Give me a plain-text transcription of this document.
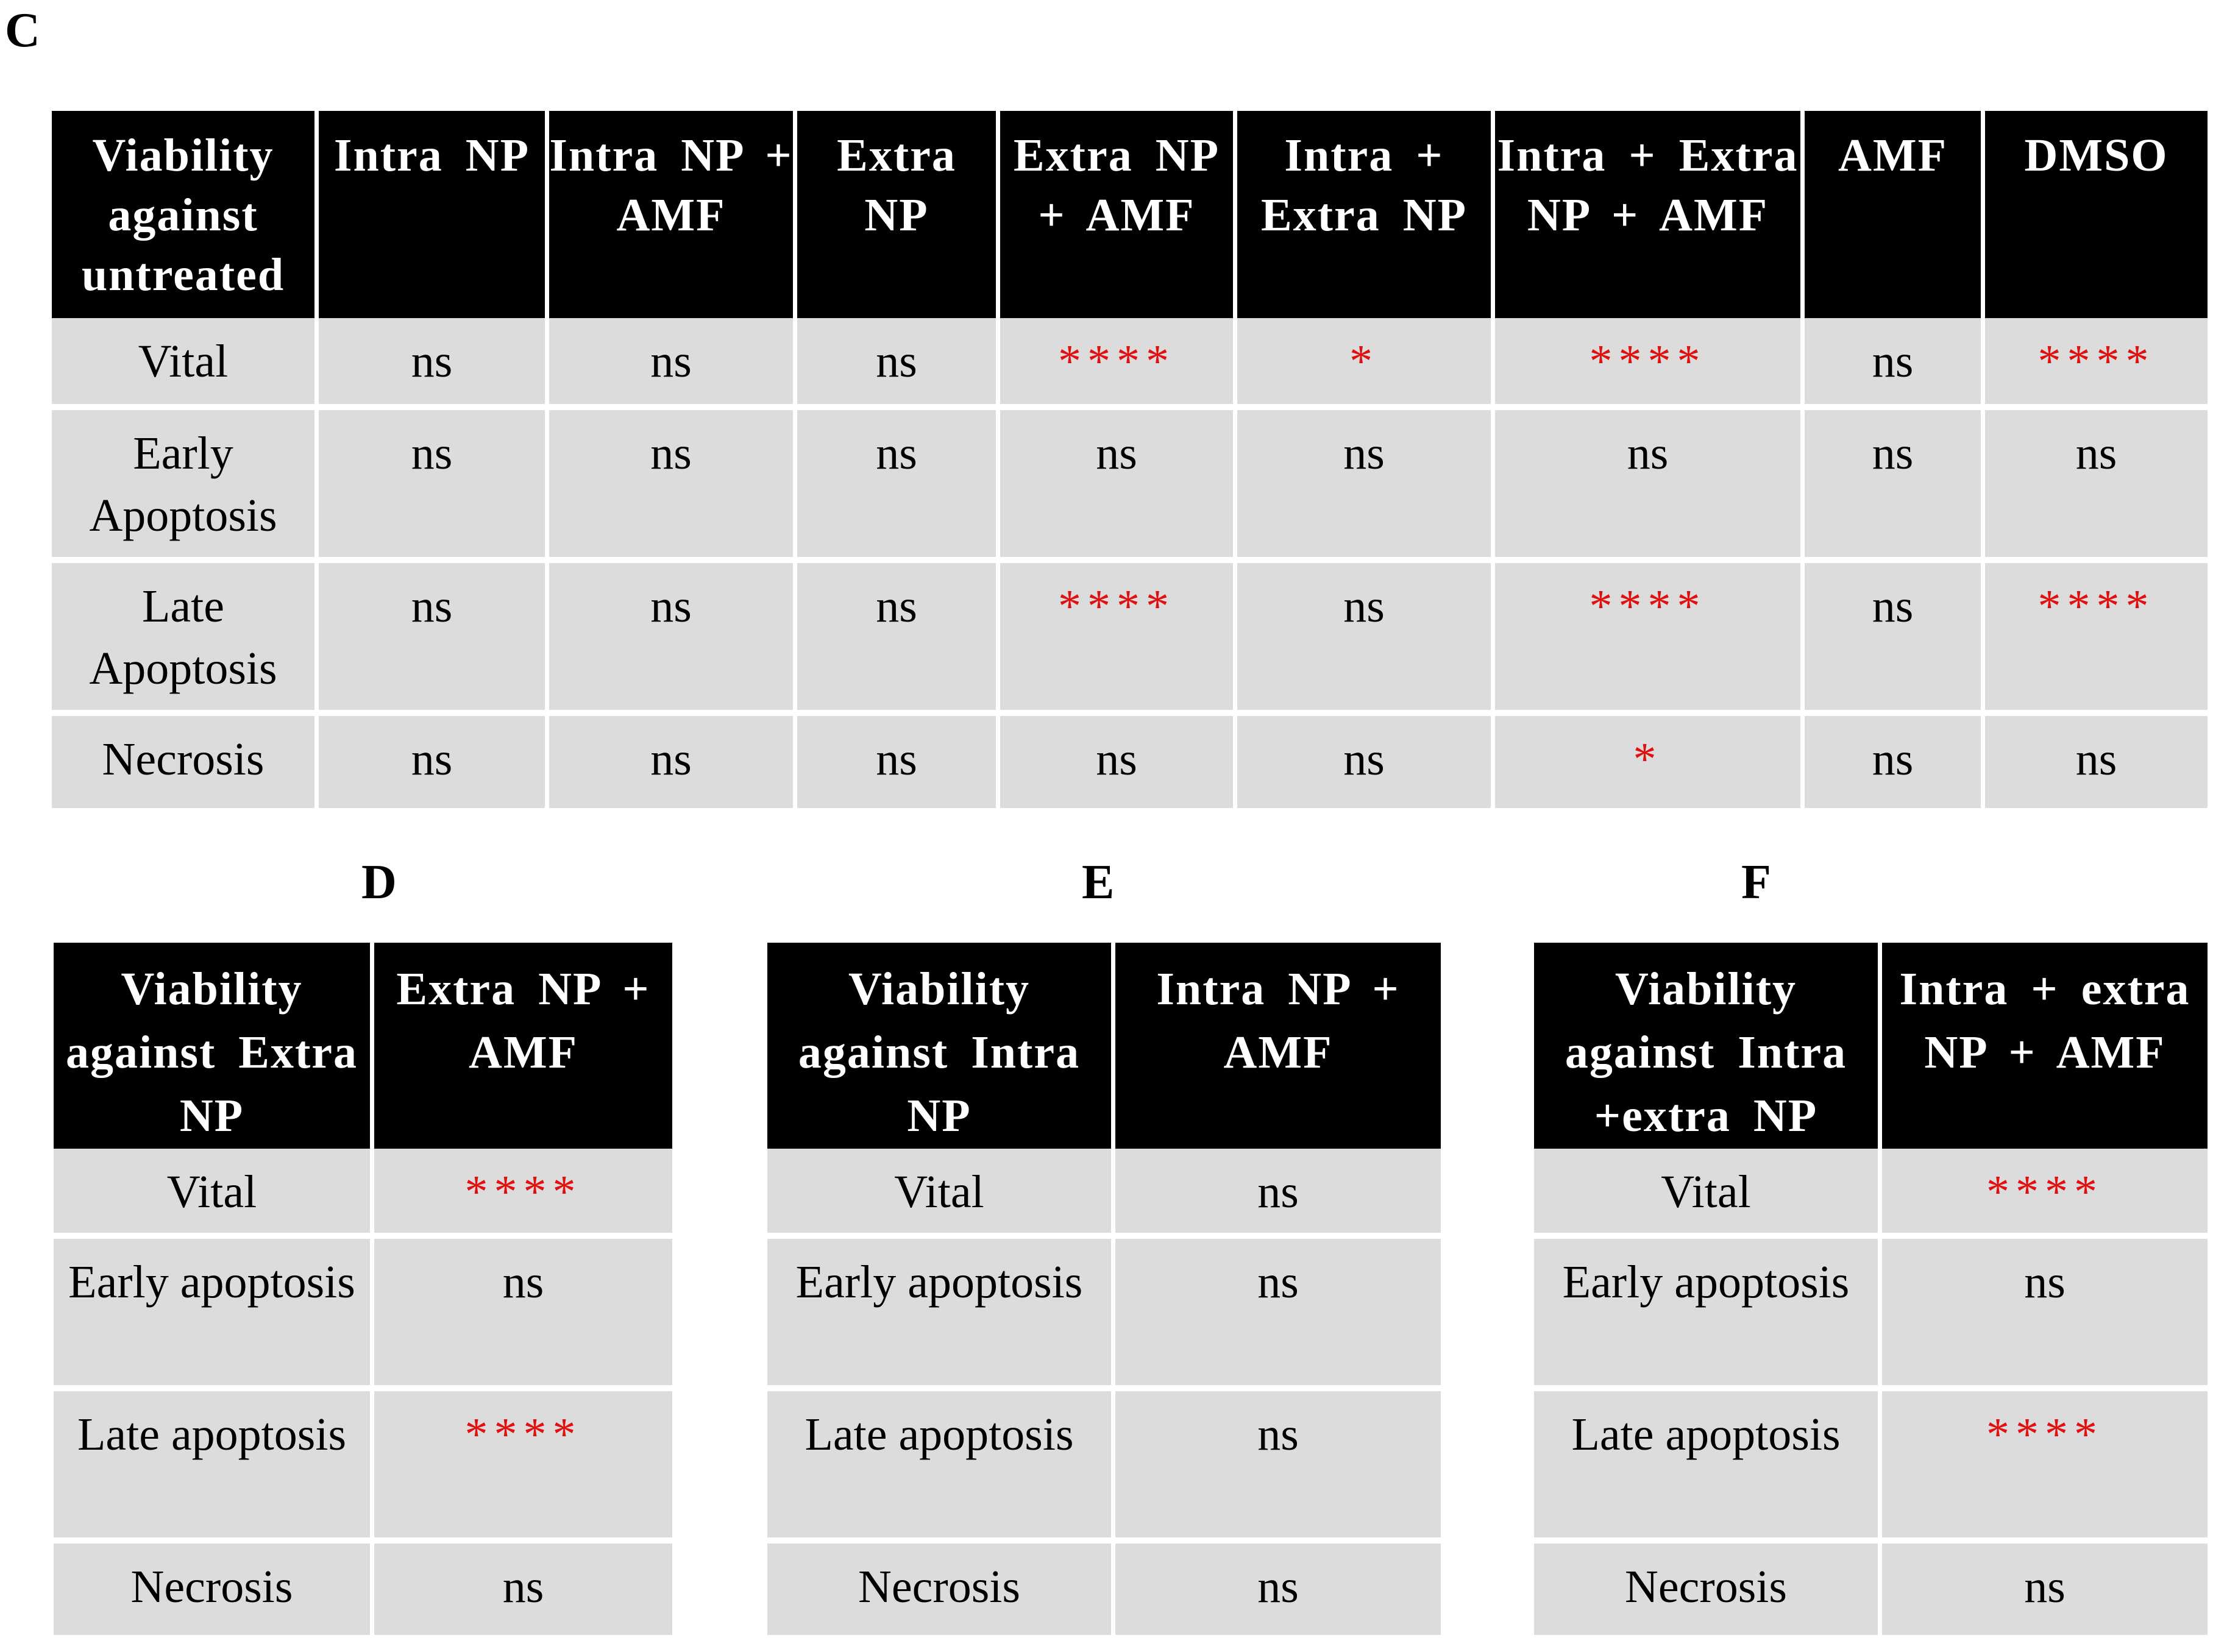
C
D	E	F
Viability against untreated	Intra NP	Intra NP + AMF	Extra NP	Extra NP + AMF	Intra + Extra NP	Intra + Extra NP + AMF	AMF	DMSO
Vital	ns	ns	ns	****	*	****	ns	****
Early Apoptosis	ns	ns	ns	ns	ns	ns	ns	ns
Late Apoptosis	ns	ns	ns	****	ns	****	ns	****
Necrosis	ns	ns	ns	ns	ns	*	ns	ns
Viability against Extra NP	Extra NP + AMF
Vital	****
Early apoptosis	ns
Late apoptosis	****
Necrosis	ns
Viability against Intra NP	Intra NP + AMF
Vital	ns
Early apoptosis	ns
Late apoptosis	ns
Necrosis	ns
Viability against Intra +extra NP	Intra + extra NP + AMF
Vital	****
Early apoptosis	ns
Late apoptosis	****
Necrosis	ns
